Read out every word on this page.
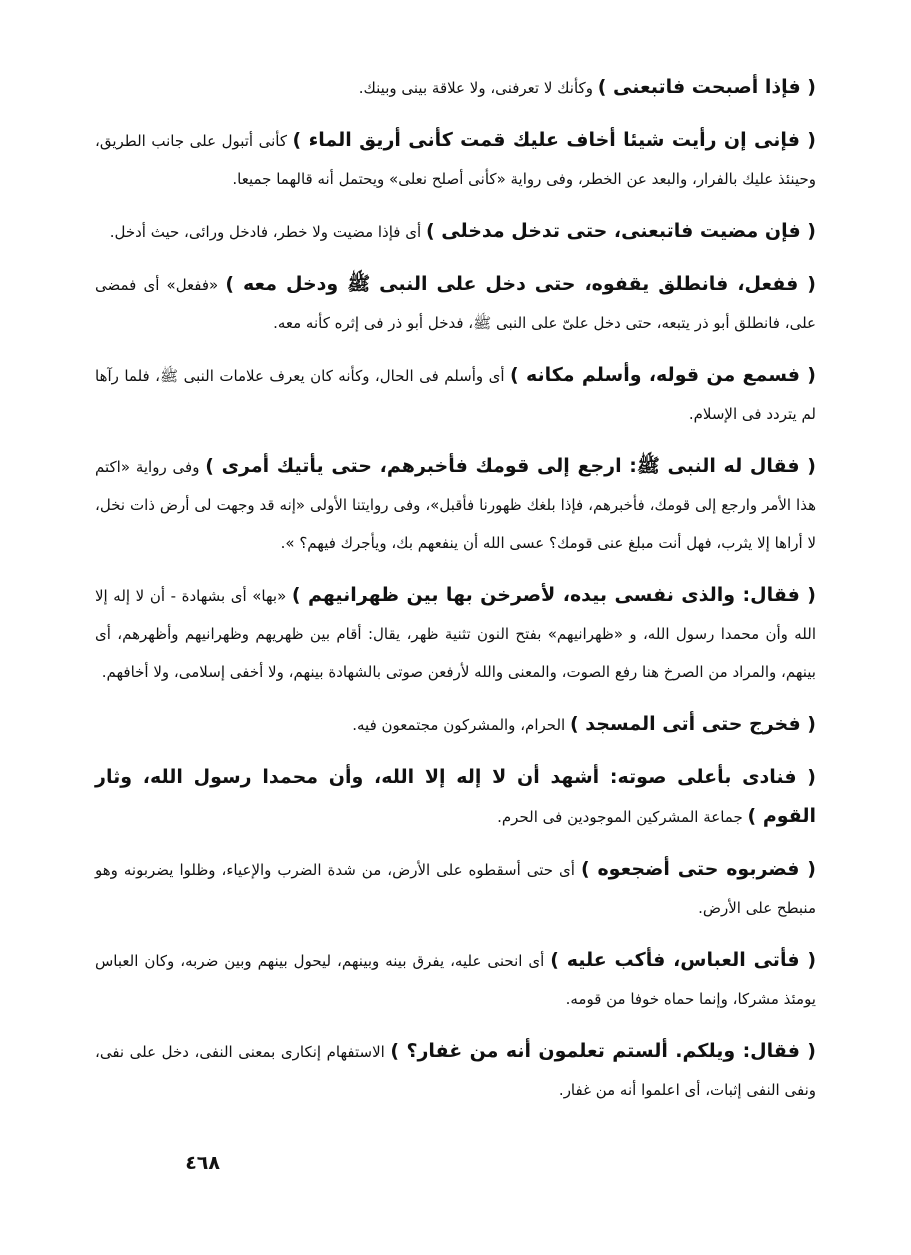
( فإذا أصبحت فاتبعنى ) وكأنك لا تعرفنى، ولا علاقة بينى وبينك.

( فإنى إن رأيت شيئا أخاف عليك قمت كأنى أريق الماء ) كأنى أتبول على جانب الطريق، وحينئذ عليك بالفرار، والبعد عن الخطر، وفى رواية «كأنى أصلح نعلى» ويحتمل أنه قالهما جميعا.

( فإن مضيت فاتبعنى، حتى تدخل مدخلى ) أى فإذا مضيت ولا خطر، فادخل ورائى، حيث أدخل.

( ففعل، فانطلق يقفوه، حتى دخل على النبى ﷺ ودخل معه ) «ففعل» أى فمضى على، فانطلق أبو ذر يتبعه، حتى دخل علىّ على النبى ﷺ، فدخل أبو ذر فى إثره كأنه معه.

( فسمع من قوله، وأسلم مكانه ) أى وأسلم فى الحال، وكأنه كان يعرف علامات النبى ﷺ، فلما رآها لم يتردد فى الإسلام.

( فقال له النبى ﷺ: ارجع إلى قومك فأخبرهم، حتى يأتيك أمرى ) وفى رواية «اكتم هذا الأمر وارجع إلى قومك، فأخبرهم، فإذا بلغك ظهورنا فأقبل»، وفى روايتنا الأولى «إنه قد وجهت لى أرض ذات نخل، لا أراها إلا يثرب، فهل أنت مبلغ عنى قومك؟ عسى الله أن ينفعهم بك، ويأجرك فيهم؟ ».

( فقال: والذى نفسى بيده، لأصرخن بها بين ظهرانيهم ) «بها» أى بشهادة - أن لا إله إلا الله وأن محمدا رسول الله، و «ظهرانيهم» بفتح النون تثنية ظهر، يقال: أقام بين ظهريهم وظهرانيهم وأظهرهم، أى بينهم، والمراد من الصرخ هنا رفع الصوت، والمعنى والله لأرفعن صوتى بالشهادة بينهم، ولا أخفى إسلامى، ولا أخافهم.

( فخرج حتى أتى المسجد ) الحرام، والمشركون مجتمعون فيه.

( فنادى بأعلى صوته: أشهد أن لا إله إلا الله، وأن محمدا رسول الله، وثار القوم ) جماعة المشركين الموجودين فى الحرم.

( فضربوه حتى أضجعوه ) أى حتى أسقطوه على الأرض، من شدة الضرب والإعياء، وظلوا يضربونه وهو منبطح على الأرض.

( فأتى العباس، فأكب عليه ) أى انحنى عليه، يفرق بينه وبينهم، ليحول بينهم وبين ضربه، وكان العباس يومئذ مشركا، وإنما حماه خوفا من قومه.

( فقال: ويلكم. ألستم تعلمون أنه من غفار؟ ) الاستفهام إنكارى بمعنى النفى، دخل على نفى، ونفى النفى إثبات، أى اعلموا أنه من غفار.

٤٦٨
